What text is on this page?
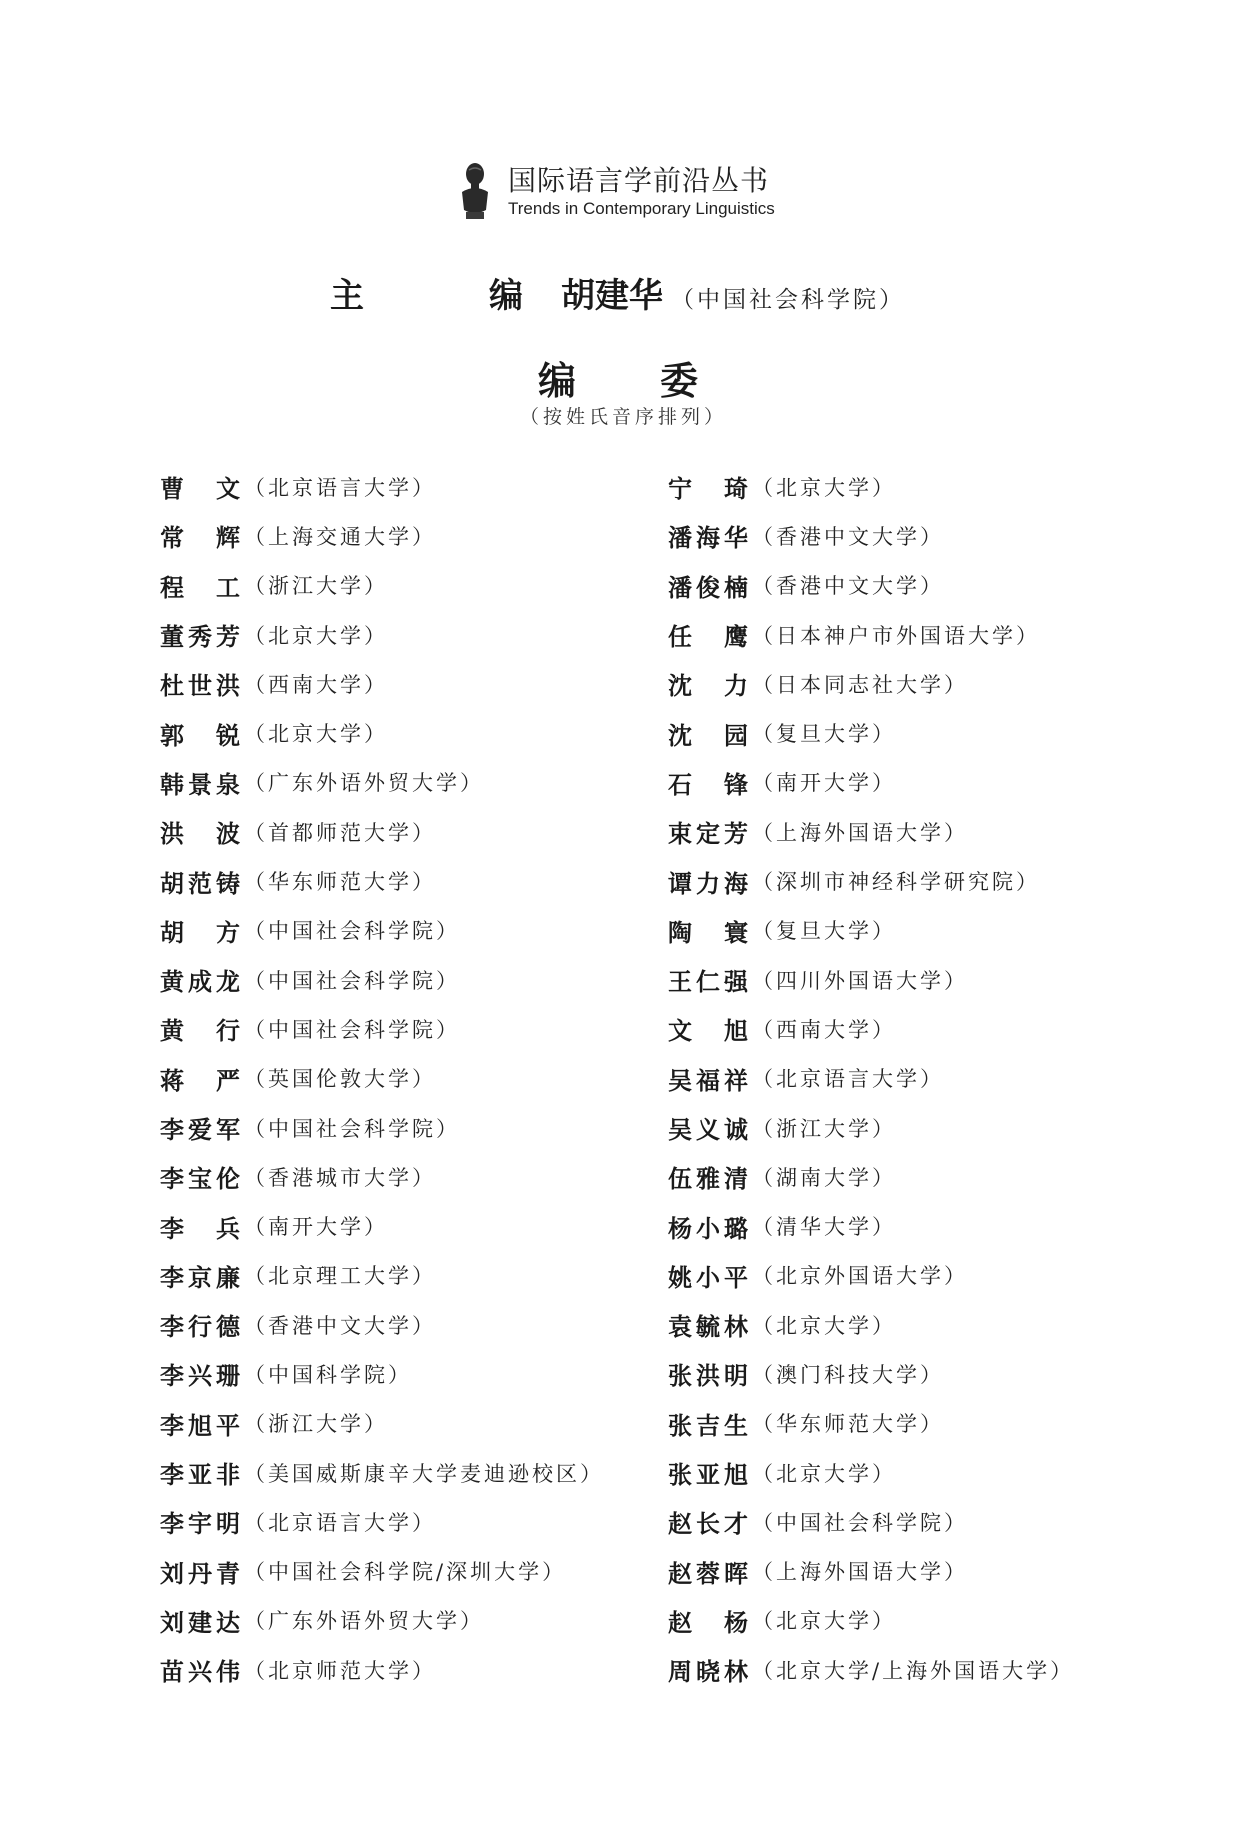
国际语言学前沿丛书
Trends in Contemporary Linguistics
主	编 胡建华 （中国社会科学院）
编 委
（按姓氏音序排列）
曹　文 （北京语言大学）
常　辉 （上海交通大学）
程　工 （浙江大学）
董秀芳 （北京大学）
杜世洪 （西南大学）
郭　锐 （北京大学）
韩景泉 （广东外语外贸大学）
洪　波 （首都师范大学）
胡范铸 （华东师范大学）
胡　方 （中国社会科学院）
黄成龙 （中国社会科学院）
黄　行 （中国社会科学院）
蒋　严 （英国伦敦大学）
李爱军 （中国社会科学院）
李宝伦 （香港城市大学）
李　兵 （南开大学）
李京廉 （北京理工大学）
李行德 （香港中文大学）
李兴珊 （中国科学院）
李旭平 （浙江大学）
李亚非 （美国威斯康辛大学麦迪逊校区）
李宇明 （北京语言大学）
刘丹青 （中国社会科学院/深圳大学）
刘建达 （广东外语外贸大学）
苗兴伟 （北京师范大学）
宁　琦 （北京大学）
潘海华 （香港中文大学）
潘俊楠 （香港中文大学）
任　鹰 （日本神户市外国语大学）
沈　力 （日本同志社大学）
沈　园 （复旦大学）
石　锋 （南开大学）
束定芳 （上海外国语大学）
谭力海 （深圳市神经科学研究院）
陶　寰 （复旦大学）
王仁强 （四川外国语大学）
文　旭 （西南大学）
吴福祥 （北京语言大学）
吴义诚 （浙江大学）
伍雅清 （湖南大学）
杨小璐 （清华大学）
姚小平 （北京外国语大学）
袁毓林 （北京大学）
张洪明 （澳门科技大学）
张吉生 （华东师范大学）
张亚旭 （北京大学）
赵长才 （中国社会科学院）
赵蓉晖 （上海外国语大学）
赵　杨 （北京大学）
周晓林 （北京大学/上海外国语大学）
